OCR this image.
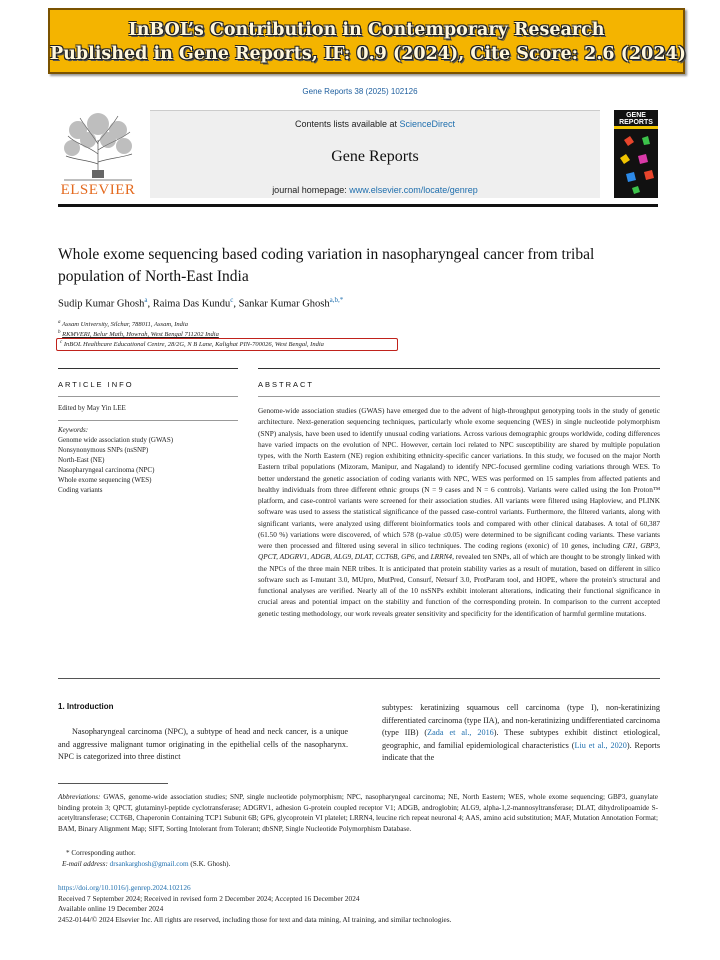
InBOL’s Contribution in Contemporary Research
Published in Gene Reports, IF: 0.9 (2024), Cite Score: 2.6 (2024)
Gene Reports 38 (2025) 102126
ELSEVIER
Contents lists available at ScienceDirect
Gene Reports
journal homepage: www.elsevier.com/locate/genrep
GENE
REPORTS
Whole exome sequencing based coding variation in nasopharyngeal cancer from tribal population of North-East India
Sudip Kumar Ghosh$^a$, Raima Das Kundu$^c$, Sankar Kumar Ghosh$^{a,b,*}$
$^a$ Assam University, Silchar, 788011, Assam, India
$^b$ RKMVERI, Belur Math, Howrah, West Bengal 711202 India
$^c$ InBOL Healthcare Educational Centre, 28/2G, N B Lane, Kalighat PIN-700026, West Bengal, India
ARTICLE INFO
Edited by May Yin LEE
Keywords:
Genome wide association study (GWAS)
Nonsynonymous SNPs (nsSNP)
North-East (NE)
Nasopharyngeal carcinoma (NPC)
Whole exome sequencing (WES)
Coding variants
ABSTRACT
Genome-wide association studies (GWAS) have emerged due to the advent of high-throughput genotyping tools in the study of genetic architecture. Next-generation sequencing techniques, particularly whole exome sequencing (WES) in single nucleotide polymorphism (SNP) analysis, have been used to identify unusual coding variations. Across various demographic groups worldwide, coding differences have varied impacts on the evolution of NPC. However, certain loci related to NPC susceptibility are shared by multiple population types, with the North Eastern (NE) region exhibiting ethnicity-specific cancer variations. In this study, we focused on the major North Eastern tribal populations (Mizoram, Manipur, and Nagaland) to identify NPC-focused germline coding variations through WES. To better understand the genetic association of coding variants with NPC, WES was performed on 15 samples from affected patients and healthy individuals from three different ethnic groups (N = 9 cases and N = 6 controls). Variants were called using the Ion Proton™ platform, and case-control variants were screened for their association studies. All variants were filtered using Haploview, and PLINK software was used to assess the statistical significance of the passed case-control variants. Furthermore, the filtered variants, along with significant variants, were analyzed using different bioinformatics tools and compared with other clinical databases. A total of 60,387 (61.50 %) variations were discovered, of which 578 (p-value ≤0.05) were determined to be significant coding variants. These variants were then processed and filtered using several in silico techniques. The coding regions (exonic) of 10 genes, including CR1, GBP3, QPCT, ADGRV1, ADGB, ALG9, DLAT, CCT6B, GP6, and LRRN4, revealed ten SNPs, all of which are thought to be strongly linked with the NPCs of the three main NER tribes. It is anticipated that protein stability varies as a result of mutation, based on different in silico software such as I-mutant 3.0, MUpro, MutPred, Consurf, Netsurf 3.0, ProtParam tool, and HOPE, where the protein's structural and functional analyses are verified. Nearly all of the 10 nsSNPs exhibit intolerant alterations, indicating their functional significance in crucial areas and potential impact on the stability and function of the corresponding protein. In comparison to the current accepted genetic testing methodology, our work reveals greater sensitivity and specificity for the identification of harmful germline mutations.
1. Introduction
Nasopharyngeal carcinoma (NPC), a subtype of head and neck cancer, is a unique and aggressive malignant tumor originating in the epithelial cells of the nasopharynx. NPC is categorized into three distinct
subtypes: keratinizing squamous cell carcinoma (type I), non-keratinizing differentiated carcinoma (type IIA), and non-keratinizing undifferentiated carcinoma (type IIB) (Zada et al., 2016). These subtypes exhibit distinct etiological, geographic, and familial epidemiological characteristics (Liu et al., 2020). Reports indicate that the
Abbreviations: GWAS, genome-wide association studies; SNP, single nucleotide polymorphism; NPC, nasopharyngeal carcinoma; NE, North Eastern; WES, whole exome sequencing; GBP3, guanylate binding protein 3; QPCT, glutaminyl-peptide cyclotransferase; ADGRV1, adhesion G-protein coupled receptor V1; ADGB, androglobin; ALG9, alpha-1,2-mannosyltransferase; DLAT, dihydrolipoamide S-acetyltransferase; CCT6B, Chaperonin Containing TCP1 Subunit 6B; GP6, glycoprotein VI platelet; LRRN4, leucine rich repeat neuronal 4; AAS, amino acid substitution; MAF, Mutation Annotation Format; BAM, Binary Alignment Map; SIFT, Sorting Intolerant from Tolerant; dbSNP, Single Nucleotide Polymorphism Database.
* Corresponding author.
E-mail address: drsankarghosh@gmail.com (S.K. Ghosh).
https://doi.org/10.1016/j.genrep.2024.102126
Received 7 September 2024; Received in revised form 2 December 2024; Accepted 16 December 2024
Available online 19 December 2024
2452-0144/© 2024 Elsevier Inc. All rights are reserved, including those for text and data mining, AI training, and similar technologies.
